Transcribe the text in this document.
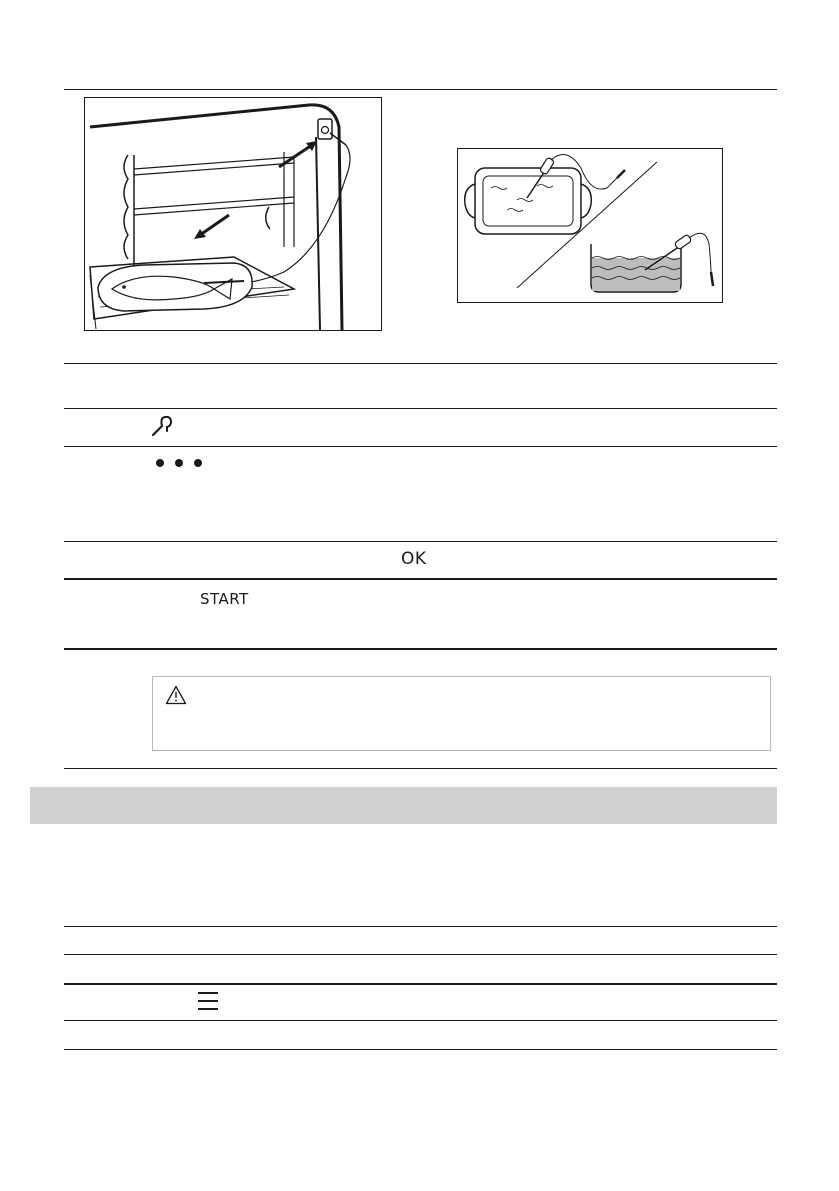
OK
START
